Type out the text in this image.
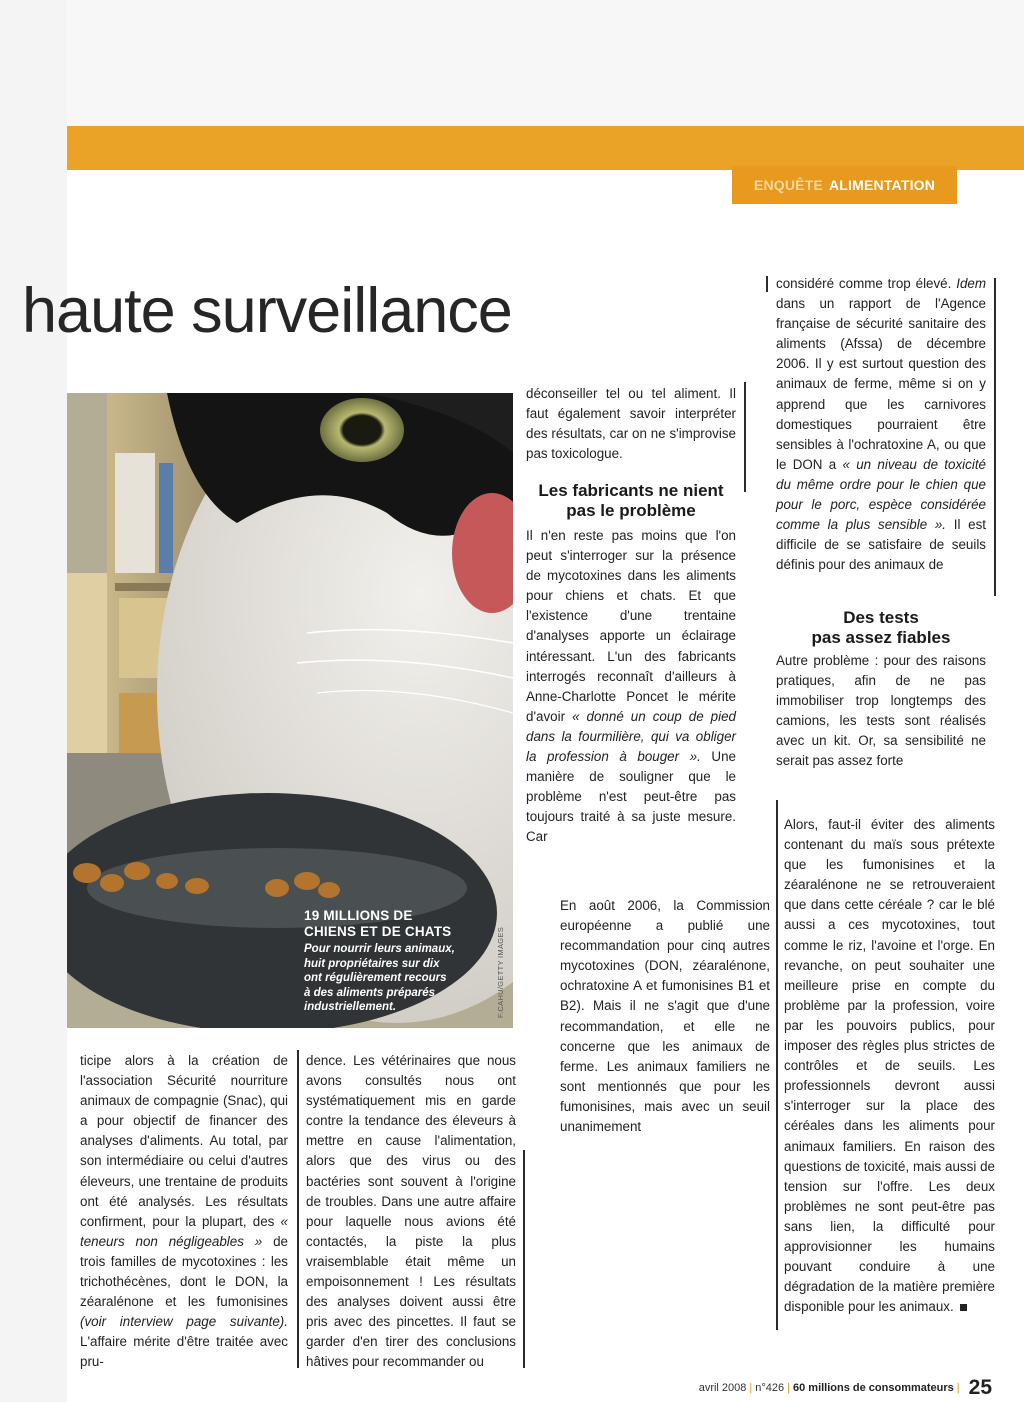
ENQUÊTE ALIMENTATION
haute surveillance

19 MILLIONS DE

CHIENS ET DE CHATS

Pour nourrir leurs animaux,
huit propriétaires sur dix
ont régulièrement recours
à des aliments préparés
industriellement.	F.CAHU/GETTY IMAGES

déconseiller tel ou tel aliment. Il faut également savoir interpréter des résultats, car on ne s'improvise pas toxicologue.

Les fabricants ne nient
pas le problème

Il n'en reste pas moins que l'on peut s'interroger sur la présence de mycotoxines dans les aliments pour chiens et chats. Et que l'existence d'une trentaine d'analyses apporte un éclairage intéressant. L'un des fabricants interrogés reconnaît d'ailleurs à Anne-Charlotte Poncet le mérite d'avoir « donné un coup de pied dans la fourmilière, qui va obliger la profession à bouger ». Une manière de souligner que le problème n'est peut-être pas toujours traité à sa juste mesure. Car

considéré comme trop élevé. Idem dans un rapport de l'Agence française de sécurité sanitaire des aliments (Afssa) de décembre 2006. Il y est surtout question des animaux de ferme, même si on y apprend que les carnivores domestiques pourraient être sensibles à l'ochratoxine A, ou que le DON a « un niveau de toxicité du même ordre pour le chien que pour le porc, espèce considérée comme la plus sensible ». Il est difficile de se satisfaire de seuils définis pour des animaux de

Des tests
pas assez fiables

Autre problème : pour des raisons pratiques, afin de ne pas immobiliser trop longtemps des camions, les tests sont réalisés avec un kit. Or, sa sensibilité ne serait pas assez forte

En août 2006, la Commission européenne a publié une recommandation pour cinq autres mycotoxines (DON, zéaralénone, ochratoxine A et fumonisines B1 et B2). Mais il ne s'agit que d'une recommandation, et elle ne concerne que les animaux de ferme. Les animaux familiers ne sont mentionnés que pour les fumonisines, mais avec un seuil unanimement

Alors, faut-il éviter des aliments contenant du maïs sous prétexte que les fumonisines et la zéaralénone ne se retrouveraient que dans cette céréale ? car le blé aussi a ces mycotoxines, tout comme le riz, l'avoine et l'orge. En revanche, on peut souhaiter une meilleure prise en compte du problème par la profession, voire par les pouvoirs publics, pour imposer des règles plus strictes de contrôles et de seuils. Les professionnels devront aussi s'interroger sur la place des céréales dans les aliments pour animaux familiers. En raison des questions de toxicité, mais aussi de tension sur l'offre. Les deux problèmes ne sont peut-être pas sans lien, la difficulté pour approvisionner les humains pouvant conduire à une dégradation de la matière première disponible pour les animaux.

ticipe alors à la création de l'association Sécurité nourriture animaux de compagnie (Snac), qui a pour objectif de financer des analyses d'aliments. Au total, par son intermédiaire ou celui d'autres éleveurs, une trentaine de produits ont été analysés. Les résultats confirment, pour la plupart, des « teneurs non négligeables » de trois familles de mycotoxines : les trichothécènes, dont le DON, la zéaralénone et les fumonisines (voir interview page suivante). L'affaire mérite d'être traitée avec pru-

dence. Les vétérinaires que nous avons consultés nous ont systématiquement mis en garde contre la tendance des éleveurs à mettre en cause l'alimentation, alors que des virus ou des bactéries sont souvent à l'origine de troubles. Dans une autre affaire pour laquelle nous avions été contactés, la piste la plus vraisemblable était même un empoisonnement ! Les résultats des analyses doivent aussi être pris avec des pincettes. Il faut se garder d'en tirer des conclusions hâtives pour recommander ou

avril 2008 | n°426 | 60 millions de consommateurs | 25
